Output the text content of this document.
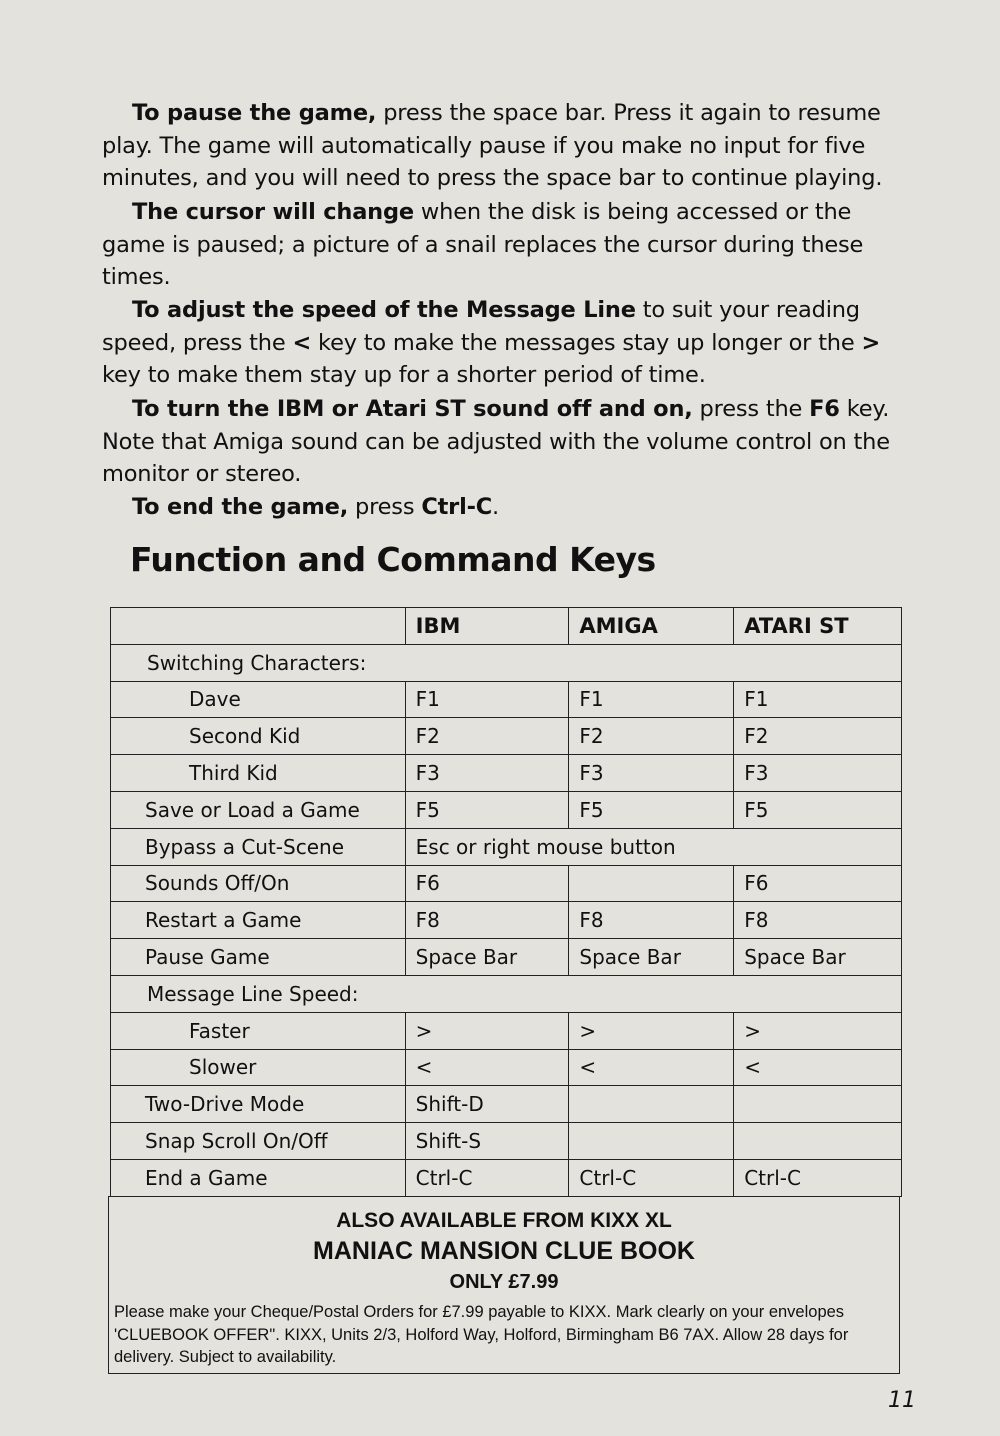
To pause the game, press the space bar. Press it again to resume play. The game will automatically pause if you make no input for five minutes, and you will need to press the space bar to continue playing.
The cursor will change when the disk is being accessed or the game is paused; a picture of a snail replaces the cursor during these times.
To adjust the speed of the Message Line to suit your reading speed, press the < key to make the messages stay up longer or the > key to make them stay up for a shorter period of time.
To turn the IBM or Atari ST sound off and on, press the F6 key. Note that Amiga sound can be adjusted with the volume control on the monitor or stereo.
To end the game, press Ctrl-C.
Function and Command Keys
	IBM	AMIGA	ATARI ST
Switching Characters:			
Dave	F1	F1	F1
Second Kid	F2	F2	F2
Third Kid	F3	F3	F3
Save or Load a Game	F5	F5	F5
Bypass a Cut-Scene	Esc or right mouse button		
Sounds Off/On	F6		F6
Restart a Game	F8	F8	F8
Pause Game	Space Bar	Space Bar	Space Bar
Message Line Speed:			
Faster	>	>	>
Slower	<	<	<
Two-Drive Mode	Shift-D		
Snap Scroll On/Off	Shift-S		
End a Game	Ctrl-C	Ctrl-C	Ctrl-C
ALSO AVAILABLE FROM KIXX XL
MANIAC MANSION CLUE BOOK
ONLY £7.99
Please make your Cheque/Postal Orders for £7.99 payable to KIXX. Mark clearly on your envelopes 'CLUEBOOK OFFER". KIXX, Units 2/3, Holford Way, Holford, Birmingham B6 7AX. Allow 28 days for delivery. Subject to availability.
11
